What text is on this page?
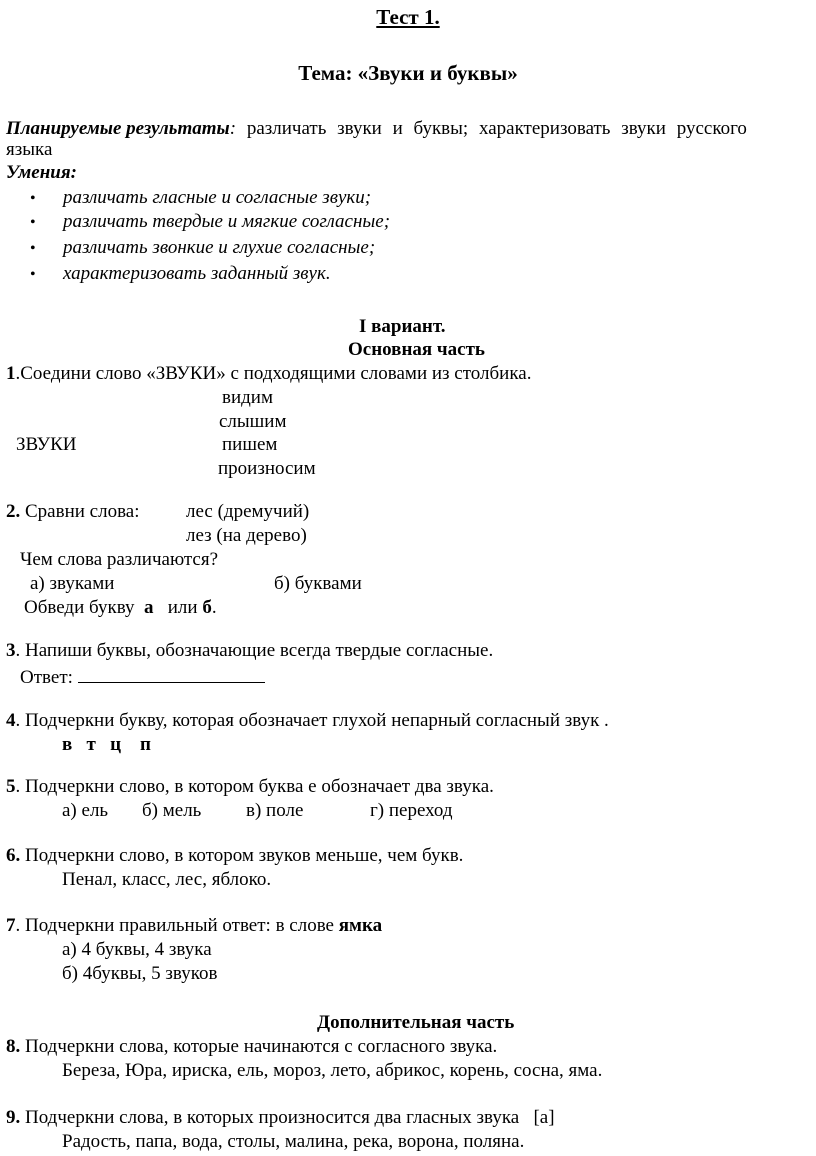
Тест 1.
Тема: «Звуки и буквы»
Планируемые результаты: различать звуки и буквы; характеризовать звуки русского
языка
Умения:
• различать гласные и согласные звуки;
• различать твердые и мягкие согласные;
• различать звонкие и глухие согласные;
• характеризовать заданный звук.
I вариант.
Основная часть
1.Соедини слово «ЗВУКИ» с подходящими словами из столбика.
видим
слышим
ЗВУКИ	пишем
произносим
2. Сравни слова: лес (дремучий)
лез (на дерево)
Чем слова различаются?
а) звуками	б) буквами
Обведи букву а или б.
3. Напиши буквы, обозначающие всегда твердые согласные.
Ответ:
4. Подчеркни букву, которая обозначает глухой непарный согласный звук .
в   т   ц    п
5. Подчеркни слово, в котором буква е обозначает два звука.
а) ель б) мель в) поле	г) переход
6. Подчеркни слово, в котором звуков меньше, чем букв.
Пенал, класс, лес, яблоко.
7. Подчеркни правильный ответ: в слове ямка
а) 4 буквы, 4 звука
б) 4буквы, 5 звуков
Дополнительная часть
8. Подчеркни слова, которые начинаются с согласного звука.
Береза, Юра, ириска, ель, мороз, лето, абрикос, корень, сосна, яма.
9. Подчеркни слова, в которых произносится два гласных звука   [а]
Радость, папа, вода, столы, малина, река, ворона, поляна.
